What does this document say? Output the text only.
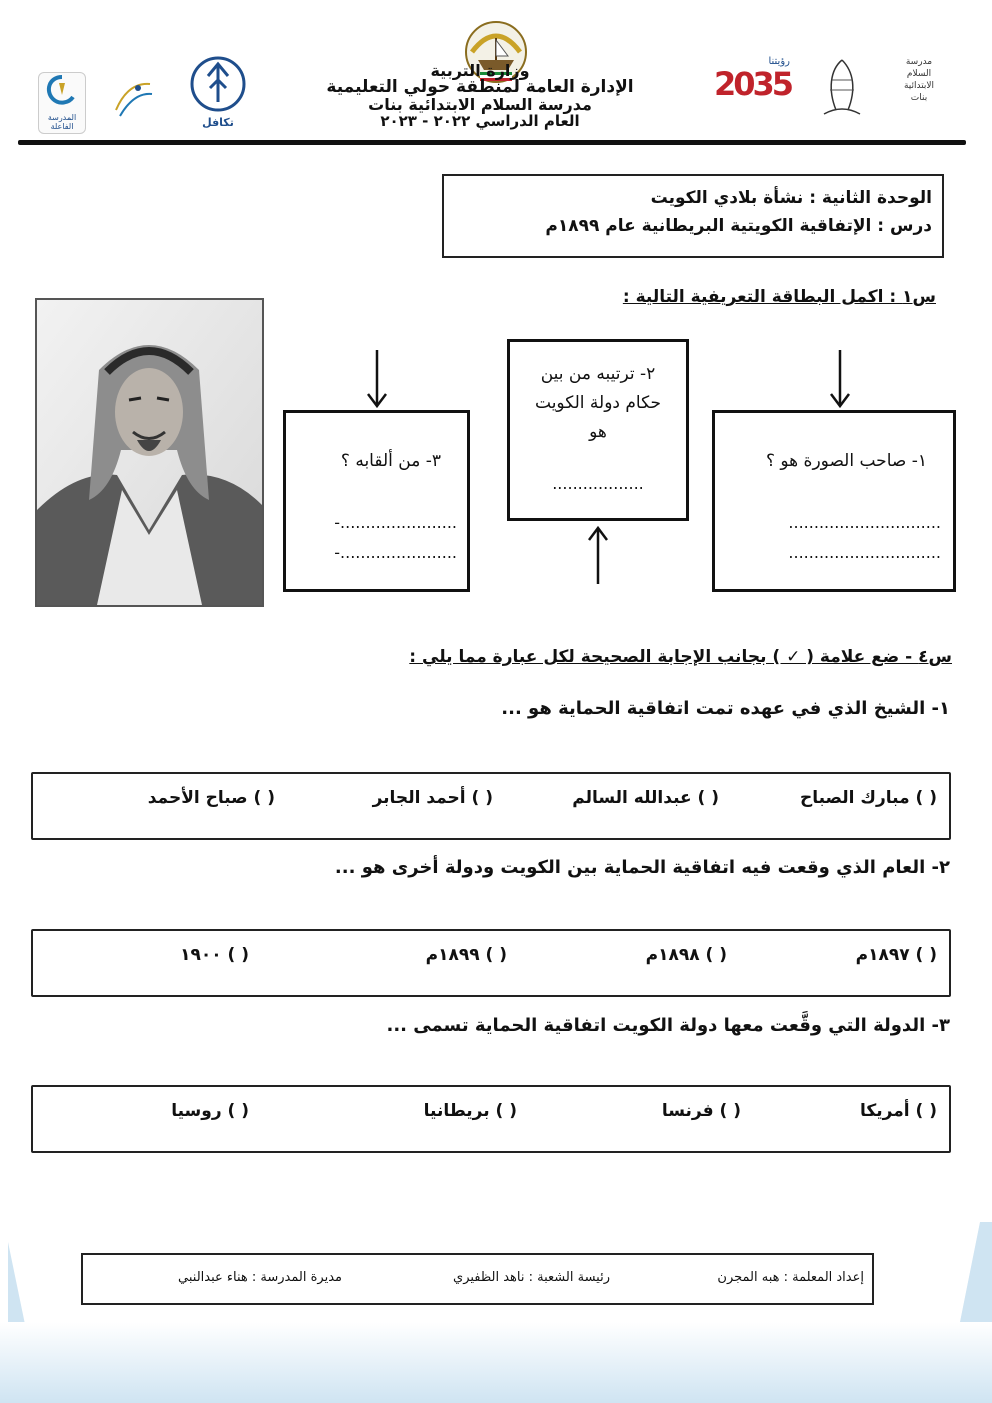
وزارة التربية
الإدارة العامة لمنطقة حولي التعليمية
مدرسة السلام الابتدائية بنات
العام الدراسي ٢٠٢٢ - ٢٠٢٣
المدرسة الفاعلة	تكافل
رؤيتنا
2035
مدرسة
السلام
الابتدائية
بنات
الوحدة الثانية : نشأة بلادي الكويت
درس : الإتفاقية الكويتية البريطانية عام ١٨٩٩م
س١ : اكمل البطاقة التعريفية التالية :
٣- من ألقابه ؟
.......................-
.......................-
٢- ترتيبه من بين
حكام دولة الكويت
هو
..................
١- صاحب الصورة هو ؟
..............................
..............................
س٤ - ضع علامة ( ✓ ) بجانب الإجابة الصحيحة لكل عبارة مما يلي :
١- الشيخ الذي في عهده تمت اتفاقية الحماية هو ...
( ) مبارك الصباح
( ) عبدالله السالم
( ) أحمد الجابر
( ) صباح الأحمد
٢- العام الذي وقعت فيه اتفاقية الحماية بين الكويت ودولة أخرى هو ...
( ) ١٨٩٧م
( ) ١٨٩٨م
( ) ١٨٩٩م
( ) ١٩٠٠
٣- الدولة التي وقَّعت معها دولة الكويت اتفاقية الحماية تسمى ...
( ) أمريكا
( ) فرنسا
( ) بريطانيا
( ) روسيا
إعداد المعلمة : هبه المجرن
رئيسة الشعبة : ناهد الظفيري
مديرة المدرسة : هناء عبدالنبي
